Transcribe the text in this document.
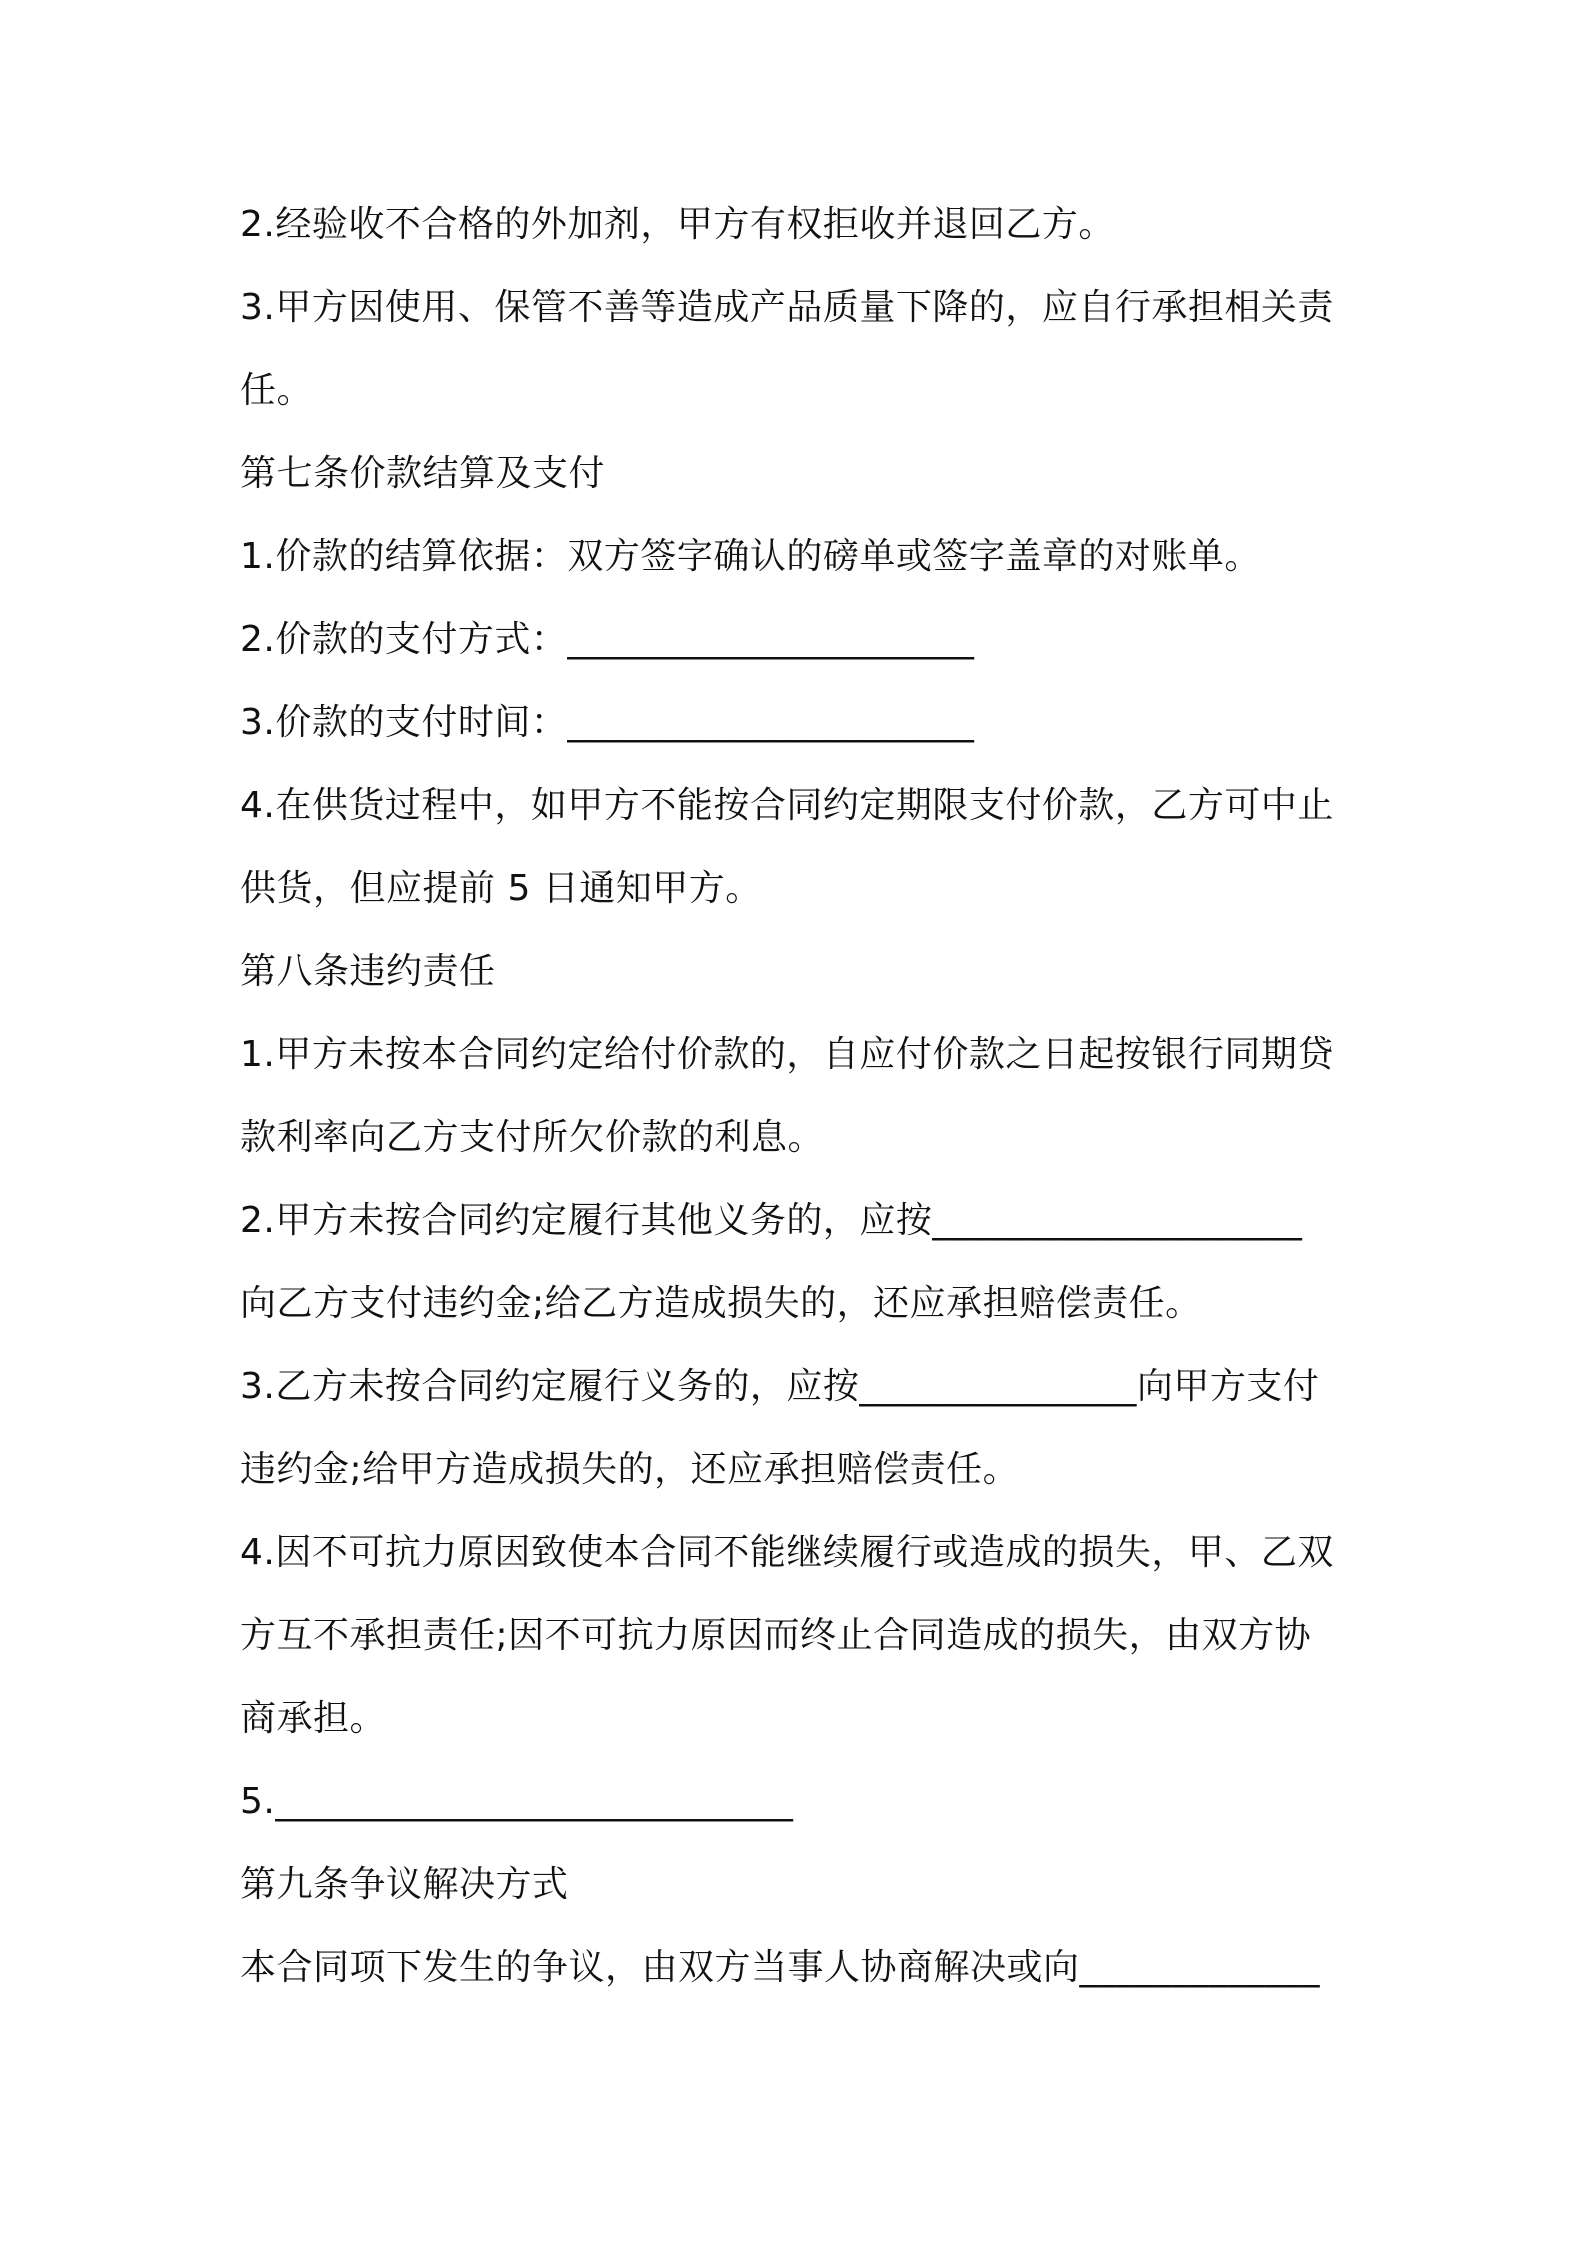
2.经验收不合格的外加剂，甲方有权拒收并退回乙方。
3.甲方因使用、保管不善等造成产品质量下降的，应自行承担相关责
任。
第七条价款结算及支付
1.价款的结算依据：双方签字确认的磅单或签字盖章的对账单。
2.价款的支付方式：______________________
3.价款的支付时间：______________________
4.在供货过程中，如甲方不能按合同约定期限支付价款，乙方可中止
供货，但应提前 5 日通知甲方。
第八条违约责任
1.甲方未按本合同约定给付价款的，自应付价款之日起按银行同期贷
款利率向乙方支付所欠价款的利息。
2.甲方未按合同约定履行其他义务的，应按____________________
向乙方支付违约金;给乙方造成损失的，还应承担赔偿责任。
3.乙方未按合同约定履行义务的，应按_______________向甲方支付
违约金;给甲方造成损失的，还应承担赔偿责任。
4.因不可抗力原因致使本合同不能继续履行或造成的损失，甲、乙双
方互不承担责任;因不可抗力原因而终止合同造成的损失，由双方协
商承担。
5.____________________________
第九条争议解决方式
本合同项下发生的争议，由双方当事人协商解决或向_____________
